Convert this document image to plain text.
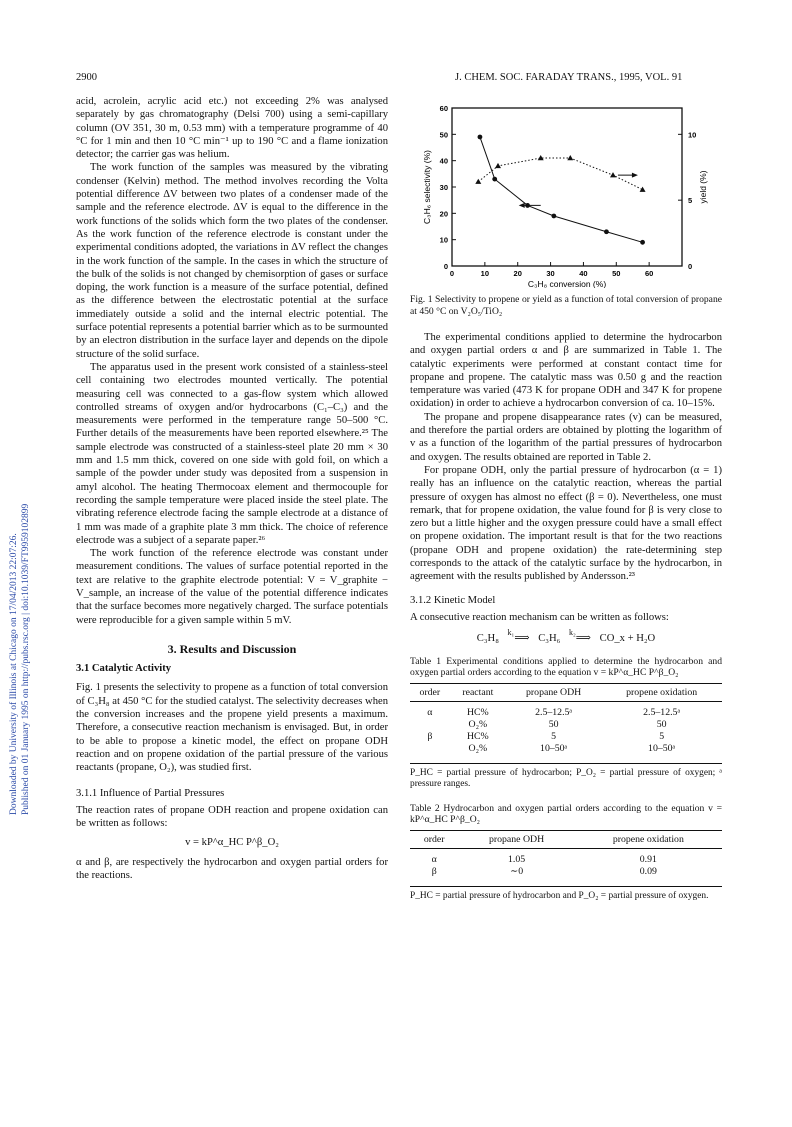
2900	J. CHEM. SOC. FARADAY TRANS., 1995, VOL. 91
Downloaded by University of Illinois at Chicago on 17/04/2013 22:07:26. Published on 01 January 1995 on http://pubs.rsc.org | doi:10.1039/FT9959102899

acid, acrolein, acrylic acid etc.) not exceeding 2% was analysed separately by gas chromatography (Delsi 700) using a semi-capillary column (OV 351, 30 m, 0.53 mm) with a temperature programme of 40 °C for 1 min and then 10 °C min⁻¹ up to 190 °C and a flame ionization detector; the carrier gas was helium.

The work function of the samples was measured by the vibrating condenser (Kelvin) method. The method involves recording the Volta potential difference ΔV between two plates of a condenser made of the sample and the reference electrode. ΔV is equal to the difference in the work functions of the solids which form the two plates of the condenser. As the work function of the reference electrode is constant under the experimental conditions adopted, the variations in ΔV reflect the changes in the work function of the sample. In the cases in which the structure of the bulk of the solids is not changed by chemisorption of gases or surface doping, the work function is a measure of the surface potential, defined as the difference between the electrostatic potential at the surface immediately outside a solid and the internal electric potential. The surface potential represents a potential barrier which as to be surmounted by an electron distribution in the surface layer and depends on the dipole structure of the solid surface.

The apparatus used in the present work consisted of a stainless-steel cell containing two electrodes mounted vertically. The potential measuring cell was connected to a gas-flow system which allowed controlled streams of oxygen and/or hydrocarbons (C₁–C₃) and the measurements were performed in the temperature range 50–500 °C. Further details of the measurements have been reported elsewhere.²⁵ The sample electrode was constructed of a stainless-steel plate 20 mm × 30 mm and 1.5 mm thick, covered on one side with gold foil, on which a sample of the powder under study was deposited from a suspension in amyl alcohol. The heating Thermocoax element and thermocouple for recording the sample temperature were placed inside the steel plate. The vibrating reference electrode facing the sample electrode at a distance of 1 mm was made of a graphite plate 3 mm thick. The choice of reference electrode was a subject of a separate paper.²⁶

The work function of the reference electrode was constant under measurement conditions. The values of surface potential reported in the text are relative to the graphite electrode potential: V = V_graphite − V_sample, an increase of the value of the potential difference indicates that the surface becomes more negatively charged. The surface potentials were reproducible for a given sample within 5 mV.

3. Results and Discussion
3.1 Catalytic Activity

Fig. 1 presents the selectivity to propene as a function of total conversion of C₃H₈ at 450 °C for the studied catalyst. The selectivity decreases when the conversion increases and the propene yield presents a maximum. Therefore, a consecutive reaction mechanism is envisaged. But, in order to be able to propose a kinetic model, the effect on propane ODH reaction and on propene oxidation of the partial pressure of the various reactants (propane, O₂), was studied first.

3.1.1 Influence of Partial Pressures

The reaction rates of propane ODH reaction and propene oxidation can be written as follows:

v = kP^α_HC P^β_O₂

α and β, are respectively the hydrocarbon and oxygen partial orders for the reactions.

0	10	20	30	40	50	60
0
10
20
30
40
50
60
0
5
10
C₃H₈ conversion (%)
C₃H₆ selectivity (%)	yield (%)

Fig. 1 Selectivity to propene or yield as a function of total conversion of propane at 450 °C on V₂O₅/TiO₂

The experimental conditions applied to determine the hydrocarbon and oxygen partial orders α and β are summarized in Table 1. The catalytic experiments were performed at constant contact time for propane and propene. The catalytic mass was 0.50 g and the reaction temperature was varied (473 K for propane ODH and 347 K for propene oxidation) in order to achieve a hydrocarbon conversion of ca. 10–15%.

The propane and propene disappearance rates (v) can be measured, and therefore the partial orders are obtained by plotting the logarithm of v as a function of the logarithm of the partial pressures of hydrocarbon and oxygen. The results obtained are reported in Table 2.

For propane ODH, only the partial pressure of hydrocarbon (α = 1) really has an influence on the catalytic reaction, whereas the partial pressure of oxygen has almost no effect (β = 0). Nevertheless, one must remark, that for propene oxidation, the value found for β is very close to zero but a little higher and the oxygen pressure could have a small effect on propene oxidation. The important result is that for the two reactions (propane ODH and propene oxidation) the rate-determining step corresponds to the attack of the catalytic surface by the hydrocarbon, in agreement with the results published by Andersson.²³

3.1.2 Kinetic Model

A consecutive reaction mechanism can be written as follows:

C₃H₈ $^{k_1}$⟹ C₃H₆ $^{k_2}$⟹ CO_x + H₂O

Table 1 Experimental conditions applied to determine the hydrocarbon and oxygen partial orders according to the equation v = kP^α_HC P^β_O₂

order	reactant	propane ODH	propene oxidation
α	HC%	2.5–12.5ᵃ	2.5–12.5ᵃ
	O₂%	50	50
β	HC%	5	5
	O₂%	10–50ᵃ	10–50ᵃ
P_HC = partial pressure of hydrocarbon; P_O₂ = partial pressure of oxygen; ᵃ pressure ranges.

Table 2 Hydrocarbon and oxygen partial orders according to the equation v = kP^α_HC P^β_O₂

order	propane ODH	propene oxidation
α	1.05	0.91
β	∼0	0.09
P_HC = partial pressure of hydrocarbon and P_O₂ = partial pressure of oxygen.
